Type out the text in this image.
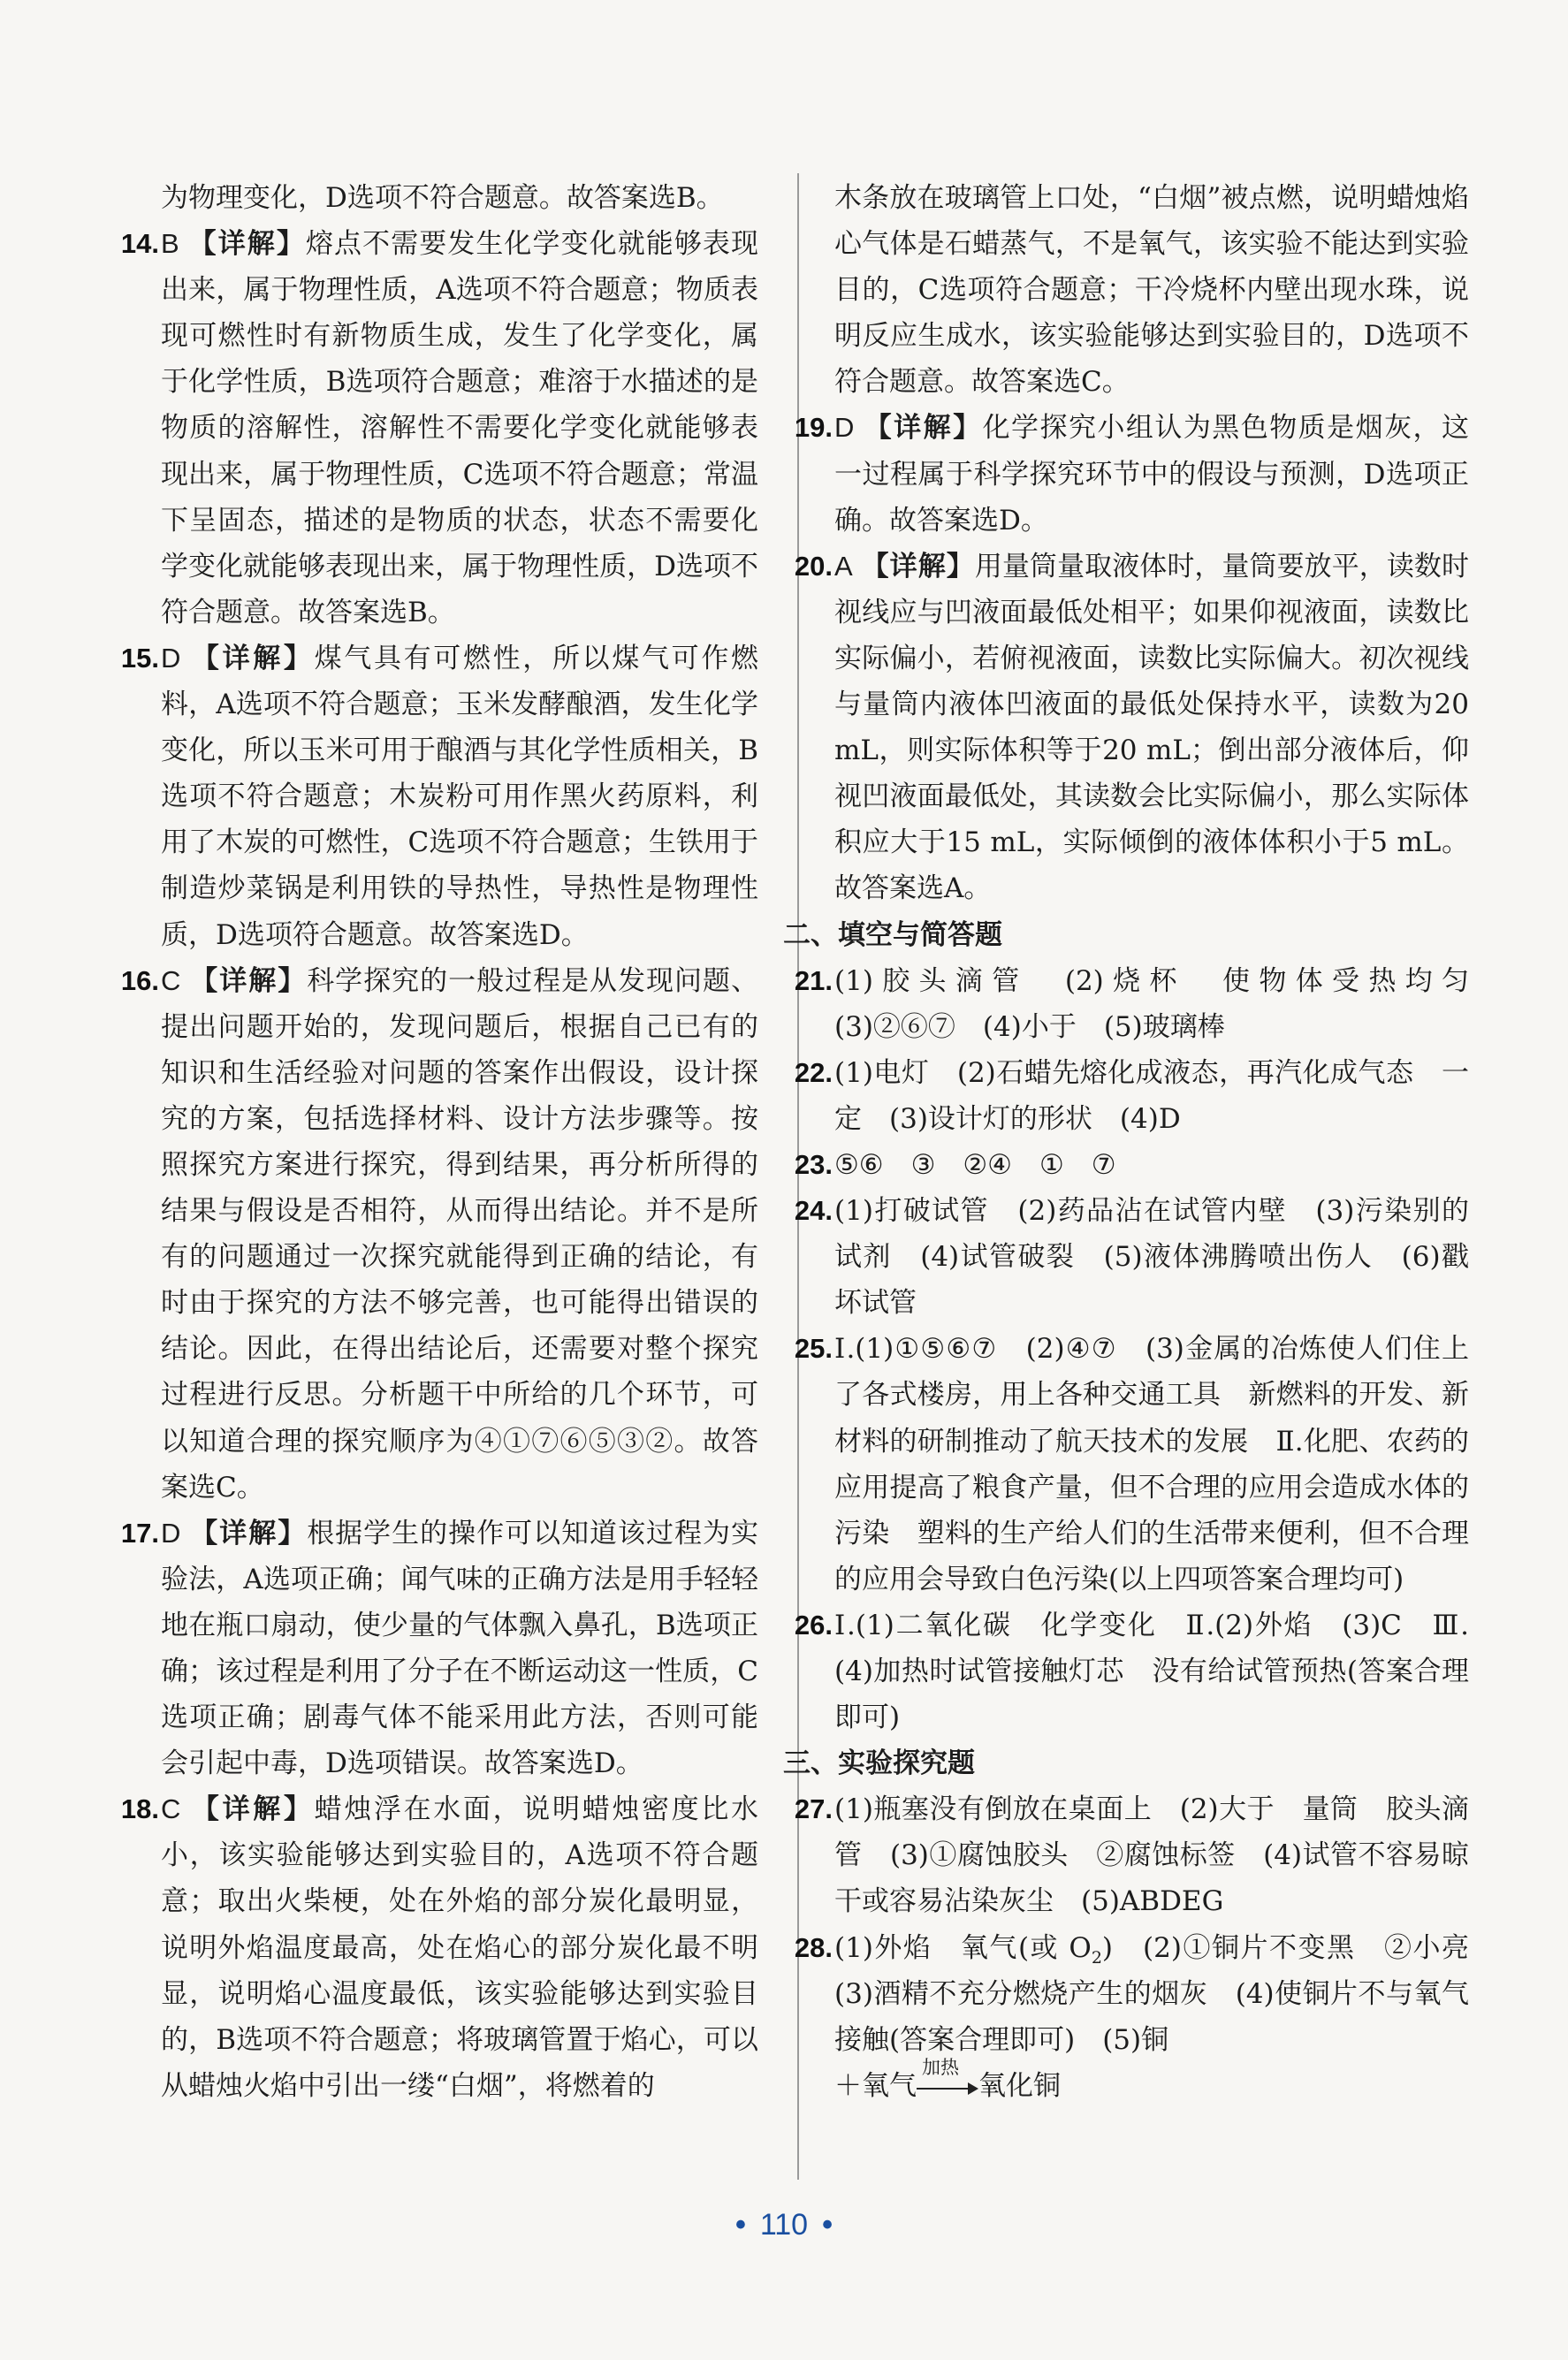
为物理变化，D选项不符合题意。故答案选B。
14. B 【详解】熔点不需要发生化学变化就能够表现出来，属于物理性质，A选项不符合题意；物质表现可燃性时有新物质生成，发生了化学变化，属于化学性质，B选项符合题意；难溶于水描述的是物质的溶解性，溶解性不需要化学变化就能够表现出来，属于物理性质，C选项不符合题意；常温下呈固态，描述的是物质的状态，状态不需要化学变化就能够表现出来，属于物理性质，D选项不符合题意。故答案选B。
15. D 【详解】煤气具有可燃性，所以煤气可作燃料，A选项不符合题意；玉米发酵酿酒，发生化学变化，所以玉米可用于酿酒与其化学性质相关，B选项不符合题意；木炭粉可用作黑火药原料，利用了木炭的可燃性，C选项不符合题意；生铁用于制造炒菜锅是利用铁的导热性，导热性是物理性质，D选项符合题意。故答案选D。
16. C 【详解】科学探究的一般过程是从发现问题、提出问题开始的，发现问题后，根据自己已有的知识和生活经验对问题的答案作出假设，设计探究的方案，包括选择材料、设计方法步骤等。按照探究方案进行探究，得到结果，再分析所得的结果与假设是否相符，从而得出结论。并不是所有的问题通过一次探究就能得到正确的结论，有时由于探究的方法不够完善，也可能得出错误的结论。因此，在得出结论后，还需要对整个探究过程进行反思。分析题干中所给的几个环节，可以知道合理的探究顺序为④①⑦⑥⑤③②。故答案选C。
17. D 【详解】根据学生的操作可以知道该过程为实验法，A选项正确；闻气味的正确方法是用手轻轻地在瓶口扇动，使少量的气体飘入鼻孔，B选项正确；该过程是利用了分子在不断运动这一性质，C选项正确；剧毒气体不能采用此方法，否则可能会引起中毒，D选项错误。故答案选D。
18. C 【详解】蜡烛浮在水面，说明蜡烛密度比水小，该实验能够达到实验目的，A选项不符合题意；取出火柴梗，处在外焰的部分炭化最明显，说明外焰温度最高，处在焰心的部分炭化最不明显，说明焰心温度最低，该实验能够达到实验目的，B选项不符合题意；将玻璃管置于焰心，可以从蜡烛火焰中引出一缕“白烟”，将燃着的
木条放在玻璃管上口处，“白烟”被点燃，说明蜡烛焰心气体是石蜡蒸气，不是氧气，该实验不能达到实验目的，C选项符合题意；干冷烧杯内壁出现水珠，说明反应生成水，该实验能够达到实验目的，D选项不符合题意。故答案选C。
19. D 【详解】化学探究小组认为黑色物质是烟灰，这一过程属于科学探究环节中的假设与预测，D选项正确。故答案选D。
20. A 【详解】用量筒量取液体时，量筒要放平，读数时视线应与凹液面最低处相平；如果仰视液面，读数比实际偏小，若俯视液面，读数比实际偏大。初次视线与量筒内液体凹液面的最低处保持水平，读数为20 mL，则实际体积等于20 mL；倒出部分液体后，仰视凹液面最低处，其读数会比实际偏小，那么实际体积应大于15 mL，实际倾倒的液体体积小于5 mL。故答案选A。
二、填空与简答题
21. (1)胶头滴管　(2)烧杯　使物体受热均匀　(3)②⑥⑦　(4)小于　(5)玻璃棒
22. (1)电灯　(2)石蜡先熔化成液态，再汽化成气态　一定　(3)设计灯的形状　(4)D
23. ⑤⑥　③　②④　①　⑦
24. (1)打破试管　(2)药品沾在试管内壁　(3)污染别的试剂　(4)试管破裂　(5)液体沸腾喷出伤人　(6)戳坏试管
25. Ⅰ.(1)①⑤⑥⑦　(2)④⑦　(3)金属的冶炼使人们住上了各式楼房，用上各种交通工具　新燃料的开发、新材料的研制推动了航天技术的发展　Ⅱ.化肥、农药的应用提高了粮食产量，但不合理的应用会造成水体的污染　塑料的生产给人们的生活带来便利，但不合理的应用会导致白色污染(以上四项答案合理均可)
26. Ⅰ.(1)二氧化碳　化学变化　Ⅱ.(2)外焰　(3)C　Ⅲ.(4)加热时试管接触灯芯　没有给试管预热(答案合理即可)
三、实验探究题
27. (1)瓶塞没有倒放在桌面上　(2)大于　量筒　胶头滴管　(3)①腐蚀胶头　②腐蚀标签　(4)试管不容易晾干或容易沾染灰尘　(5)ABDEG
28. (1)外焰　氧气(或 $O_2$)　(2)①铜片不变黑　②小亮　(3)酒精不充分燃烧产生的烟灰　(4)使铜片不与氧气接触(答案合理即可)　(5)铜
＋氧气
加热
氧化铜
• 110 •
